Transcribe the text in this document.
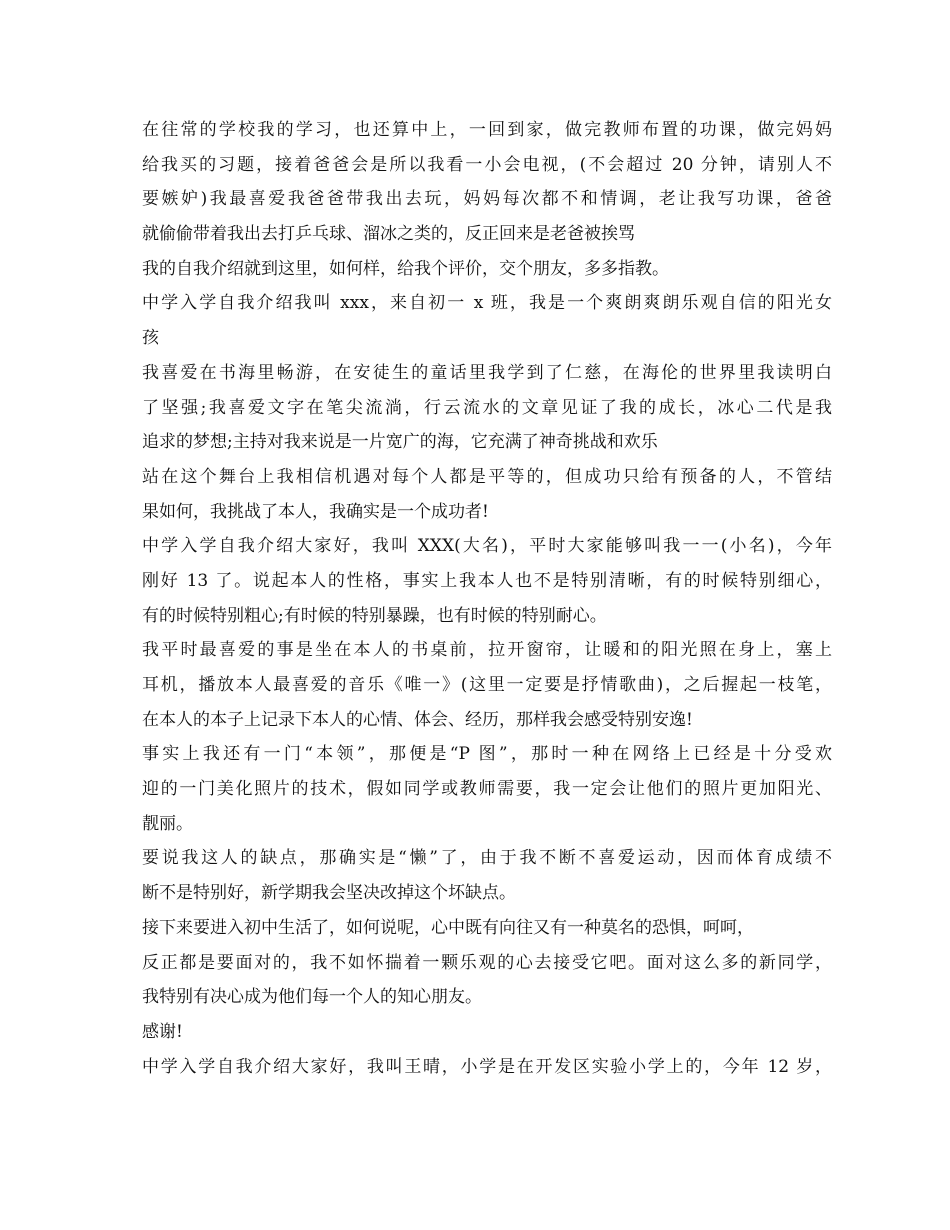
在往常的学校我的学习，也还算中上，一回到家，做完教师布置的功课，做完妈妈
给我买的习题，接着爸爸会是所以我看一小会电视，(不会超过 20 分钟，请别人不
要嫉妒)我最喜爱我爸爸带我出去玩，妈妈每次都不和情调，老让我写功课，爸爸
就偷偷带着我出去打乒乓球、溜冰之类的，反正回来是老爸被挨骂
我的自我介绍就到这里，如何样，给我个评价，交个朋友，多多指教。
中学入学自我介绍我叫 xxx，来自初一 x 班，我是一个爽朗爽朗乐观自信的阳光女
孩
我喜爱在书海里畅游，在安徒生的童话里我学到了仁慈，在海伦的世界里我读明白
了坚强;我喜爱文字在笔尖流淌，行云流水的文章见证了我的成长，冰心二代是我
追求的梦想;主持对我来说是一片宽广的海，它充满了神奇挑战和欢乐
站在这个舞台上我相信机遇对每个人都是平等的，但成功只给有预备的人，不管结
果如何，我挑战了本人，我确实是一个成功者!
中学入学自我介绍大家好，我叫 XXX(大名)，平时大家能够叫我一一(小名)，今年
刚好 13 了。说起本人的性格，事实上我本人也不是特别清晰，有的时候特别细心，
有的时候特别粗心;有时候的特别暴躁，也有时候的特别耐心。
我平时最喜爱的事是坐在本人的书桌前，拉开窗帘，让暖和的阳光照在身上，塞上
耳机，播放本人最喜爱的音乐《唯一》(这里一定要是抒情歌曲)，之后握起一枝笔，
在本人的本子上记录下本人的心情、体会、经历，那样我会感受特别安逸!
事实上我还有一门“本领”，那便是“P 图”，那时一种在网络上已经是十分受欢
迎的一门美化照片的技术，假如同学或教师需要，我一定会让他们的照片更加阳光、
靓丽。
要说我这人的缺点，那确实是“懒”了，由于我不断不喜爱运动，因而体育成绩不
断不是特别好，新学期我会坚决改掉这个坏缺点。
接下来要进入初中生活了，如何说呢，心中既有向往又有一种莫名的恐惧，呵呵，
反正都是要面对的，我不如怀揣着一颗乐观的心去接受它吧。面对这么多的新同学，
我特别有决心成为他们每一个人的知心朋友。
感谢!
中学入学自我介绍大家好，我叫王晴，小学是在开发区实验小学上的，今年 12 岁，
